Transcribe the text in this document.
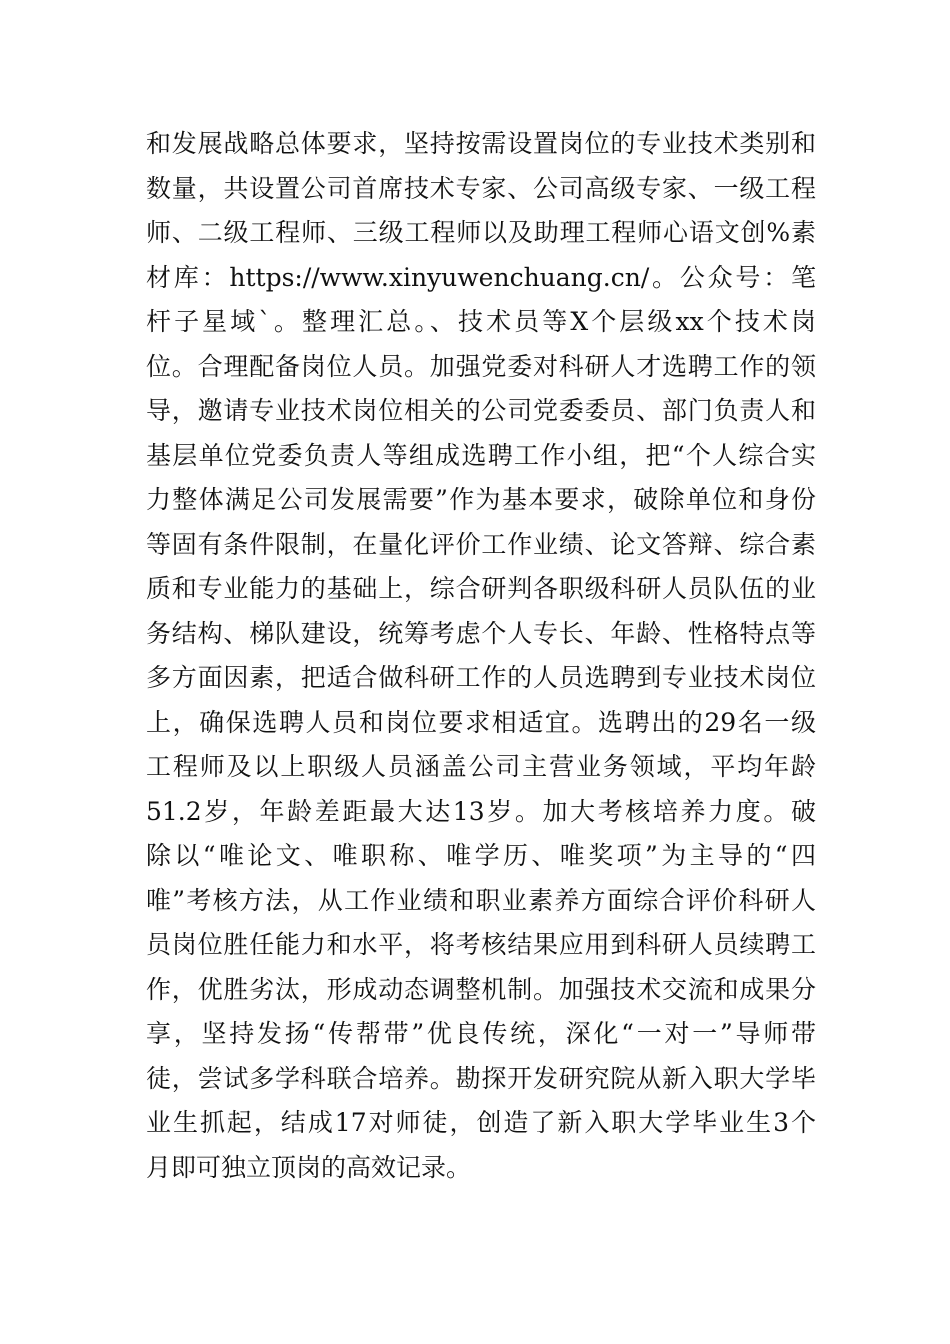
和发展战略总体要求，坚持按需设置岗位的专业技术类别和
数量，共设置公司首席技术专家、公司高级专家、一级工程
师、二级工程师、三级工程师以及助理工程师心语文创%素
材库：https://www.xinyuwenchuang.cn/。公众号：笔
杆子星域`。整理汇总。、技术员等X个层级xx个技术岗
位。合理配备岗位人员。加强党委对科研人才选聘工作的领
导，邀请专业技术岗位相关的公司党委委员、部门负责人和
基层单位党委负责人等组成选聘工作小组，把“个人综合实
力整体满足公司发展需要”作为基本要求，破除单位和身份
等固有条件限制，在量化评价工作业绩、论文答辩、综合素
质和专业能力的基础上，综合研判各职级科研人员队伍的业
务结构、梯队建设，统筹考虑个人专长、年龄、性格特点等
多方面因素，把适合做科研工作的人员选聘到专业技术岗位
上，确保选聘人员和岗位要求相适宜。选聘出的29名一级
工程师及以上职级人员涵盖公司主营业务领域，平均年龄
51.2岁，年龄差距最大达13岁。加大考核培养力度。破
除以“唯论文、唯职称、唯学历、唯奖项”为主导的“四
唯”考核方法，从工作业绩和职业素养方面综合评价科研人
员岗位胜任能力和水平，将考核结果应用到科研人员续聘工
作，优胜劣汰，形成动态调整机制。加强技术交流和成果分
享，坚持发扬“传帮带”优良传统，深化“一对一”导师带
徒，尝试多学科联合培养。勘探开发研究院从新入职大学毕
业生抓起，结成17对师徒，创造了新入职大学毕业生3个
月即可独立顶岗的高效记录。
